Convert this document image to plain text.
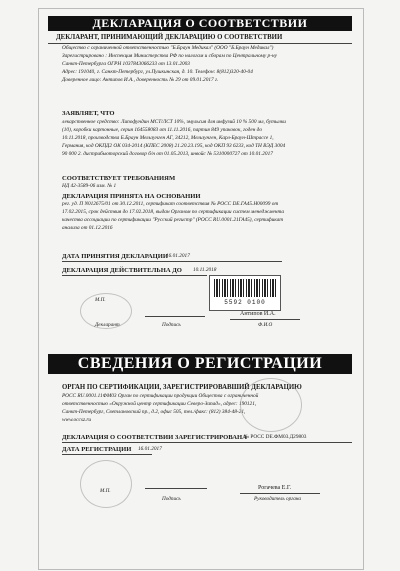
ДЕКЛАРАЦИЯ О СООТВЕТСТВИИ
ДЕКЛАРАНТ, ПРИНИМАЮЩИЙ ДЕКЛАРАЦИЮ О СООТВЕТСТВИИ
Общество с ограниченной ответственностью "Б.Браун Медикал" (ООО "Б.Браун Медикал")
Зарегистрировано : Инспекция Министерства РФ по налогам и сборам по Центральному р-ну
Санкт-Петербурга ОГРН 1037843066233 от 13.01.2003
Адрес: 191040, г. Санкт-Петербург, ул.Пушкинская, д. 10. Телефон: 8(812)320-40-04
Доверенное лицо: Антипов И.А., доверенность № 29 от 09.01.2017 г.
ЗАЯВЛЯЕТ, ЧТО
лекарственное средство: Липофундин МСТ/ЛСТ 10%, эмульсия для инфузий 10 % 500 мл, бутылки
(10), коробки картонные, серия 164558083 от 11.11.2016, партия 849 упаковок, годен до
10.11.2018, производства Б.Браун Мельзунген АГ, 34212, Мельзунген, Карл-Браун-Штрассе 1,
Германия, код ОКПД2 ОК 034-2014 (КПЕС 2008) 21.20.23.195, код ОКП 93 6233, код ТН ВЭД 3004
90 000 2. дистрибьюторский договор б/н от 01.05.2013, инвойс № 5310000727 от 10.01.2017
СООТВЕТСТВУЕТ ТРЕБОВАНИЯМ
НД 42-3589-06 изм. № 1
ДЕКЛАРАЦИЯ ПРИНЯТА НА ОСНОВАНИИ
рег. уд. П N012675/01 от 30.12.2011, сертификат соответствия № РОСС DE.ГА45.Н00099 от
17.02.2015, срок действия до 17.02.2018, выдан Органом по сертификации систем менеджмента
качества ассоциации по сертификации "Русский регистр" (РОСС RU.0001.21ГА45), сертификат
анализа от 01.12.2016
ДАТА ПРИНЯТИЯ ДЕКЛАРАЦИИ
16.01.2017
ДЕКЛАРАЦИЯ ДЕЙСТВИТЕЛЬНА ДО 10.11.2018
5592 0100
М.П.
Антипов И.А.
Декларант	Подпись	Ф.И.О
СВЕДЕНИЯ О РЕГИСТРАЦИИ
ОРГАН ПО СЕРТИФИКАЦИИ, ЗАРЕГИСТРИРОВАВШИЙ ДЕКЛАРАЦИЮ
РОСС RU.0001.11ФМ03 Орган по сертификации продукции Общества с ограниченной
ответственностью «Окружной центр сертификации Северо-Запад», адрес: 190121,
Санкт-Петербург, Светлановский пр., д.2, офис 505, тел./факс: (812) 384-48-21,
www.occsz.ru
ДЕКЛАРАЦИЯ О СООТВЕТСТВИИ ЗАРЕГИСТРИРОВАНА
№ РОСС DE.ФМ03.Д29803
ДАТА РЕГИСТРАЦИИ 16.01.2017
М.П.	Рогачева Е.Г.
Подпись	Руководитель органа
